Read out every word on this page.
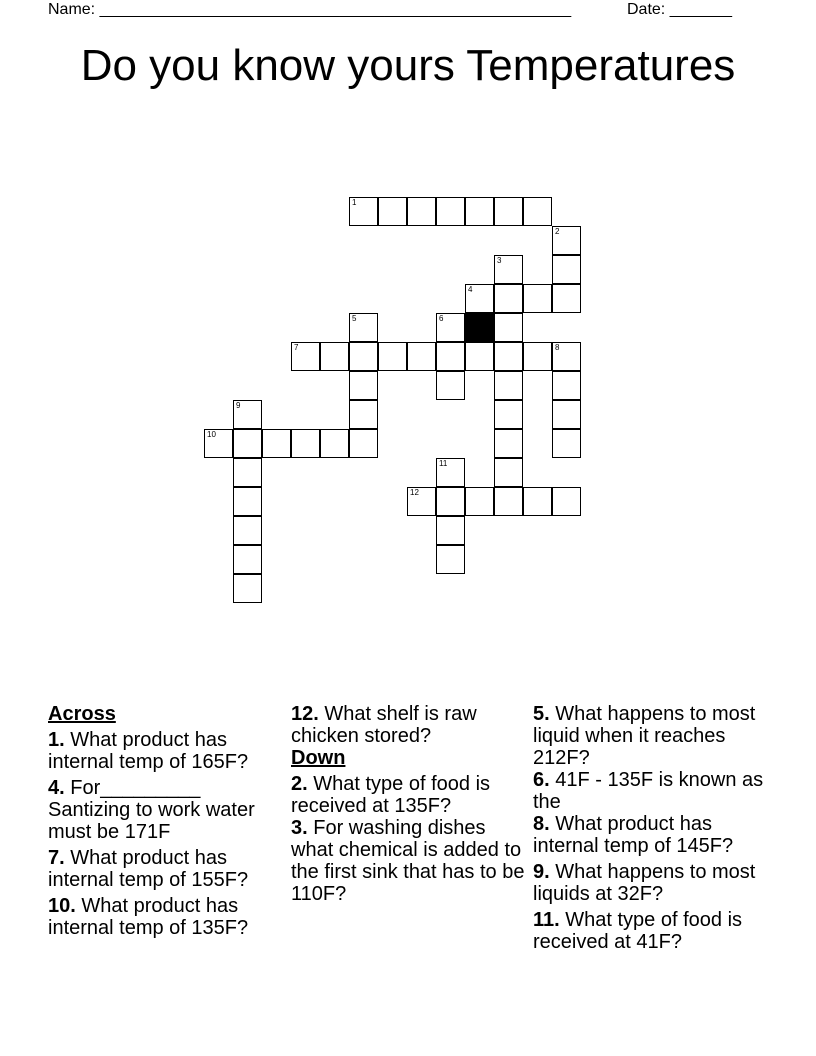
Name: _____________________________________________________	Date: _______
Do you know yours Temperatures
1
2
3
4
5	6
7	8
9
10
11
12
Across
1. What product has internal temp of 165F?
4. For_________ Santizing to work water must be 171F
7. What product has internal temp of 155F?
10. What product has internal temp of 135F?
12. What shelf is raw chicken stored?
Down
2. What type of food is received at 135F?
3. For washing dishes what chemical is added to the first sink that has to be 110F?
5. What happens to most liquid when it reaches 212F?
6. 41F - 135F is known as the
8. What product has internal temp of 145F?
9. What happens to most liquids at 32F?
11. What type of food is received at 41F?
